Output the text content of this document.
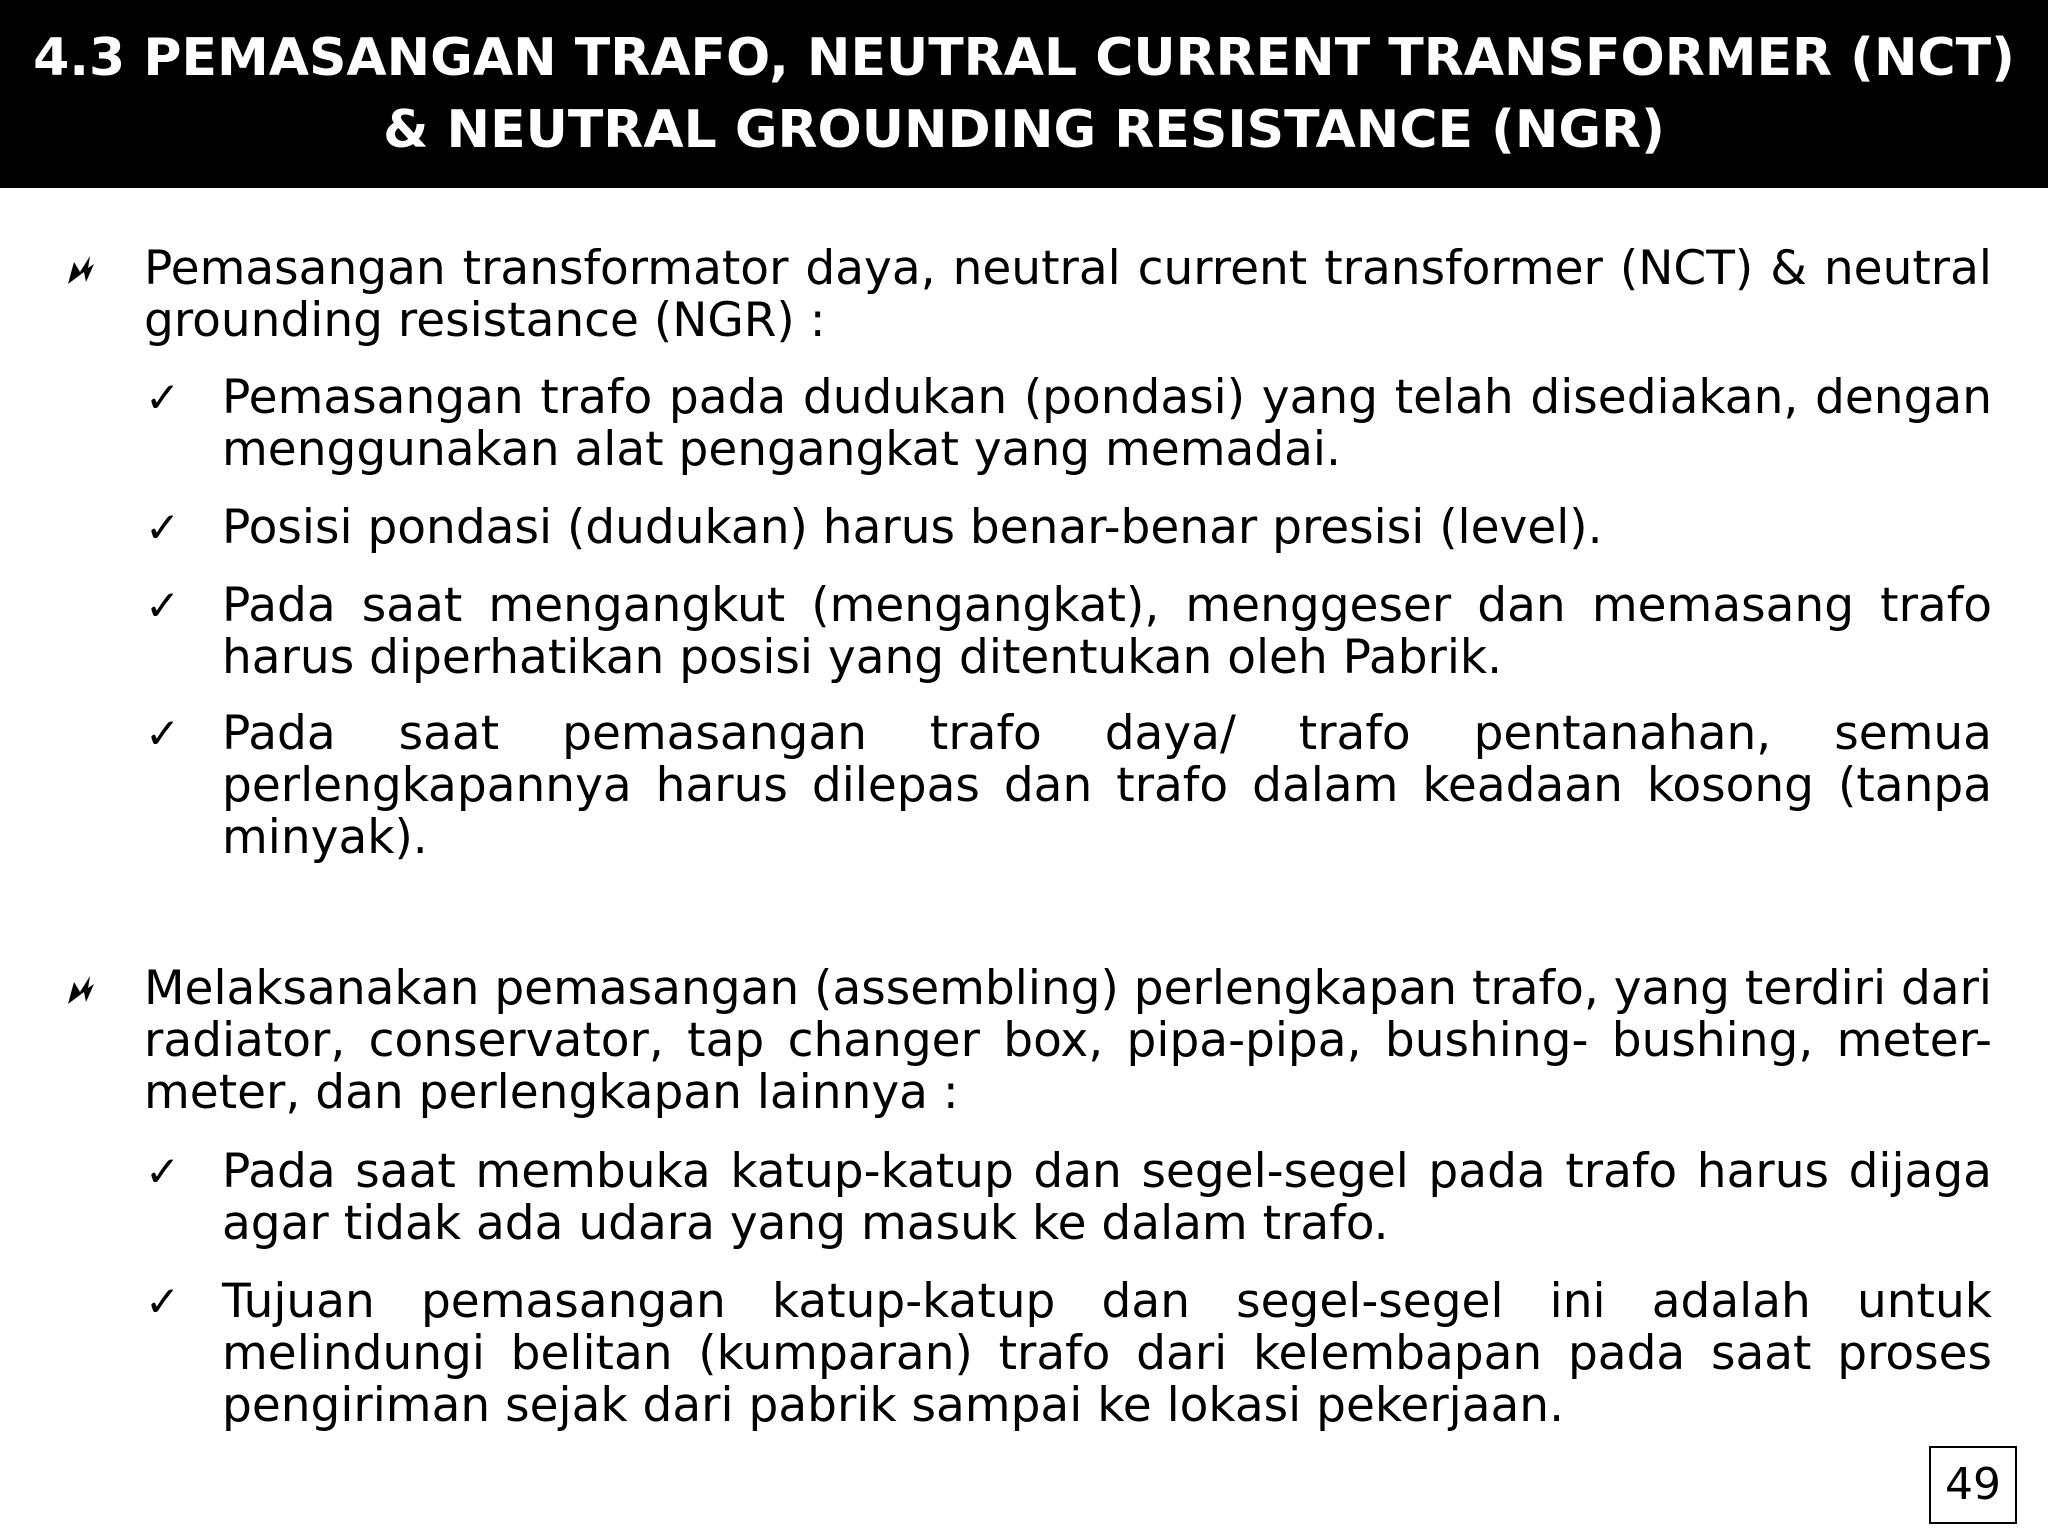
4.3 PEMASANGAN TRAFO, NEUTRAL CURRENT TRANSFORMER (NCT)
& NEUTRAL GROUNDING RESISTANCE (NGR)
Pemasangan transformator daya, neutral current transformer (NCT) & neutral grounding resistance (NGR) :
✓ Pemasangan trafo pada dudukan (pondasi) yang telah disediakan, dengan menggunakan alat pengangkat yang memadai.
✓ Posisi pondasi (dudukan) harus benar-benar presisi (level).
✓ Pada saat mengangkut (mengangkat), menggeser dan memasang trafo harus diperhatikan posisi yang ditentukan oleh Pabrik.
✓ Pada saat pemasangan trafo daya/ trafo pentanahan, semua perlengkapannya harus dilepas dan trafo dalam keadaan kosong (tanpa minyak).
Melaksanakan pemasangan (assembling) perlengkapan trafo, yang terdiri dari radiator, conservator, tap changer box, pipa-pipa, bushing- bushing, meter-meter, dan perlengkapan lainnya :
✓ Pada saat membuka katup-katup dan segel-segel pada trafo harus dijaga agar tidak ada udara yang masuk ke dalam trafo.
✓ Tujuan pemasangan katup-katup dan segel-segel ini adalah untuk melindungi belitan (kumparan) trafo dari kelembapan pada saat proses pengiriman sejak dari pabrik sampai ke lokasi pekerjaan.
49
